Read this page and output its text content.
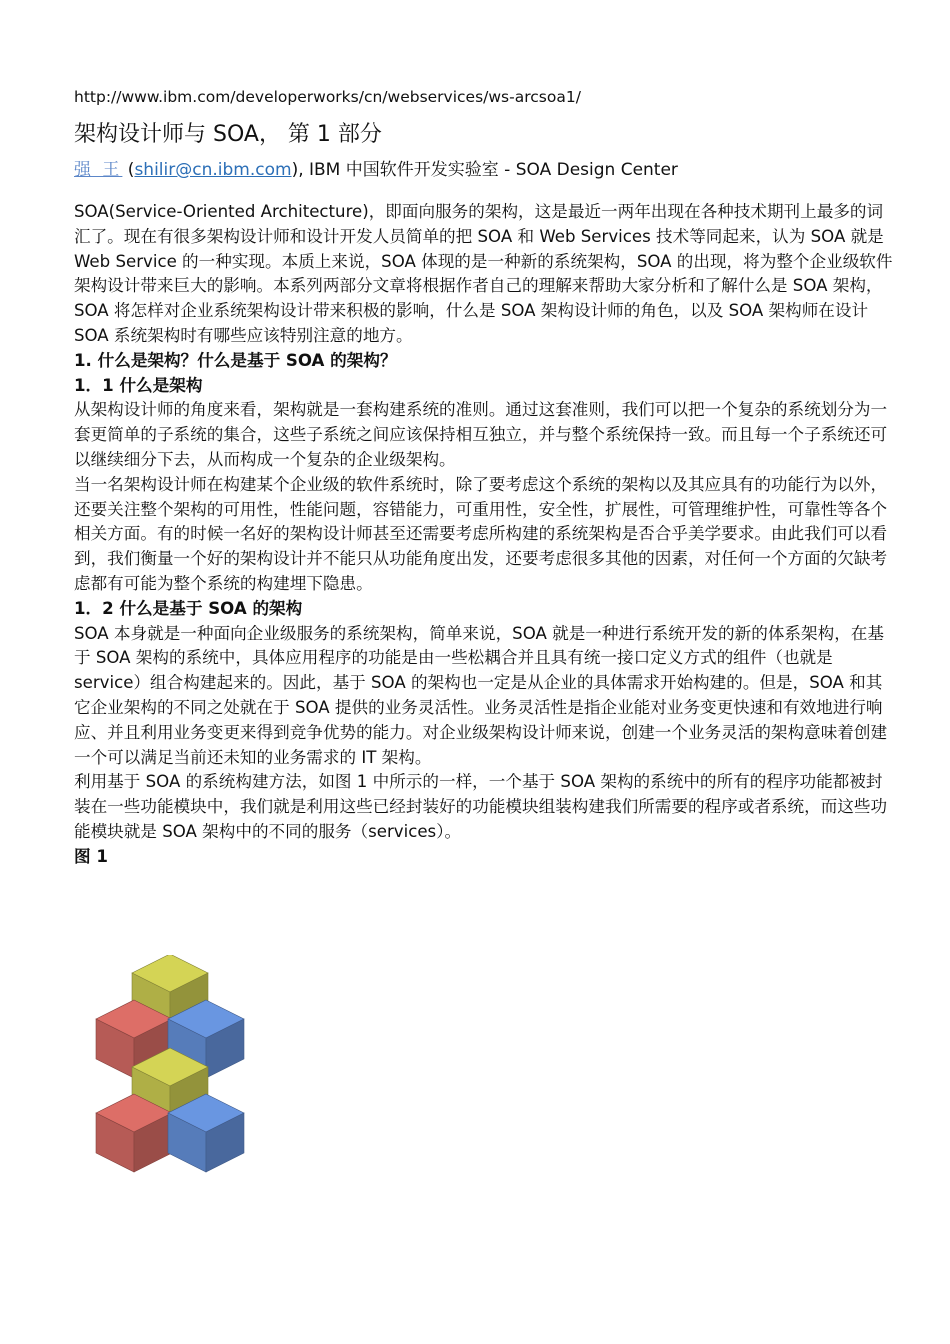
http://www.ibm.com/developerworks/cn/webservices/ws-arcsoa1/

架构设计师与 SOA， 第 1 部分

强 王 (shilir@cn.ibm.com), IBM 中国软件开发实验室 - SOA Design Center

SOA(Service-Oriented Architecture)，即面向服务的架构，这是最近一两年出现在各种技术期刊上最多的词汇了。现在有很多架构设计师和设计开发人员简单的把 SOA 和 Web Services 技术等同起来，认为 SOA 就是 Web Service 的一种实现。本质上来说，SOA 体现的是一种新的系统架构，SOA 的出现，将为整个企业级软件架构设计带来巨大的影响。本系列两部分文章将根据作者自己的理解来帮助大家分析和了解什么是 SOA 架构，SOA 将怎样对企业系统架构设计带来积极的影响，什么是 SOA 架构设计师的角色，以及 SOA 架构师在设计 SOA 系统架构时有哪些应该特别注意的地方。

1. 什么是架构？什么是基于 SOA 的架构？

1．1 什么是架构

从架构设计师的角度来看，架构就是一套构建系统的准则。通过这套准则，我们可以把一个复杂的系统划分为一套更简单的子系统的集合，这些子系统之间应该保持相互独立，并与整个系统保持一致。而且每一个子系统还可以继续细分下去，从而构成一个复杂的企业级架构。

当一名架构设计师在构建某个企业级的软件系统时，除了要考虑这个系统的架构以及其应具有的功能行为以外，还要关注整个架构的可用性，性能问题，容错能力，可重用性，安全性，扩展性，可管理维护性，可靠性等各个相关方面。有的时候一名好的架构设计师甚至还需要考虑所构建的系统架构是否合乎美学要求。由此我们可以看到，我们衡量一个好的架构设计并不能只从功能角度出发，还要考虑很多其他的因素，对任何一个方面的欠缺考虑都有可能为整个系统的构建埋下隐患。

1．2 什么是基于 SOA 的架构

SOA 本身就是一种面向企业级服务的系统架构，简单来说，SOA 就是一种进行系统开发的新的体系架构，在基于 SOA 架构的系统中，具体应用程序的功能是由一些松耦合并且具有统一接口定义方式的组件（也就是 service）组合构建起来的。因此，基于 SOA 的架构也一定是从企业的具体需求开始构建的。但是，SOA 和其它企业架构的不同之处就在于 SOA 提供的业务灵活性。业务灵活性是指企业能对业务变更快速和有效地进行响应、并且利用业务变更来得到竞争优势的能力。对企业级架构设计师来说，创建一个业务灵活的架构意味着创建一个可以满足当前还未知的业务需求的 IT 架构。

利用基于 SOA 的系统构建方法，如图 1 中所示的一样，一个基于 SOA 架构的系统中的所有的程序功能都被封装在一些功能模块中，我们就是利用这些已经封装好的功能模块组装构建我们所需要的程序或者系统，而这些功能模块就是 SOA 架构中的不同的服务（services）。

图 1
